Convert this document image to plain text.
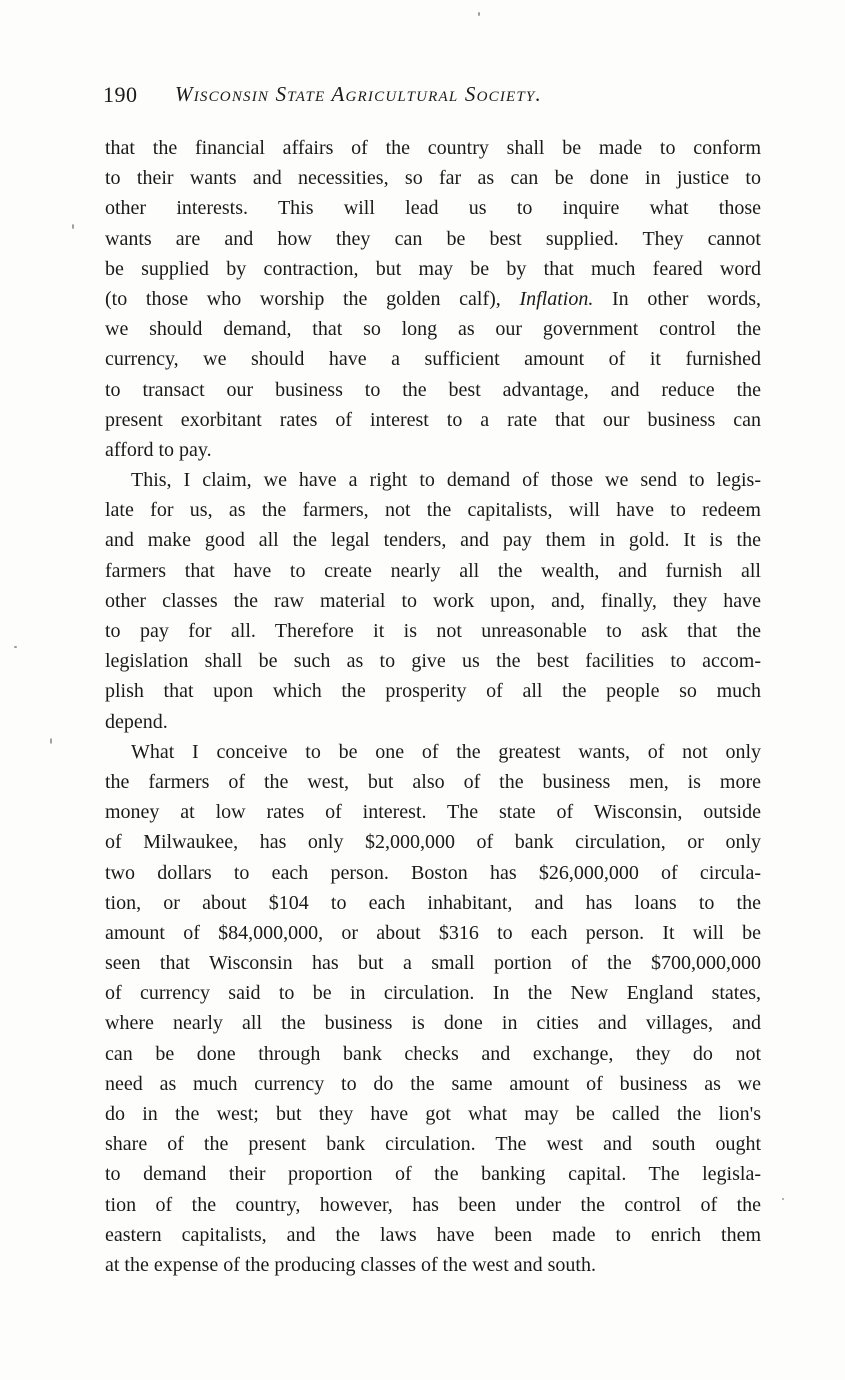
190 Wisconsin State Agricultural Society.
that the financial affairs of the country shall be made to conform
to their wants and necessities, so far as can be done in justice to
other interests. This will lead us to inquire what those
wants are and how they can be best supplied. They cannot
be supplied by contraction, but may be by that much feared word
(to those who worship the golden calf), Inflation. In other words,
we should demand, that so long as our government control the
currency, we should have a sufficient amount of it furnished
to transact our business to the best advantage, and reduce the
present exorbitant rates of interest to a rate that our business can
afford to pay.
This, I claim, we have a right to demand of those we send to legis-
late for us, as the farmers, not the capitalists, will have to redeem
and make good all the legal tenders, and pay them in gold. It is the
farmers that have to create nearly all the wealth, and furnish all
other classes the raw material to work upon, and, finally, they have
to pay for all. Therefore it is not unreasonable to ask that the
legislation shall be such as to give us the best facilities to accom-
plish that upon which the prosperity of all the people so much
depend.
What I conceive to be one of the greatest wants, of not only
the farmers of the west, but also of the business men, is more
money at low rates of interest. The state of Wisconsin, outside
of Milwaukee, has only $2,000,000 of bank circulation, or only
two dollars to each person. Boston has $26,000,000 of circula-
tion, or about $104 to each inhabitant, and has loans to the
amount of $84,000,000, or about $316 to each person. It will be
seen that Wisconsin has but a small portion of the $700,000,000
of currency said to be in circulation. In the New England states,
where nearly all the business is done in cities and villages, and
can be done through bank checks and exchange, they do not
need as much currency to do the same amount of business as we
do in the west; but they have got what may be called the lion's
share of the present bank circulation. The west and south ought
to demand their proportion of the banking capital. The legisla-
tion of the country, however, has been under the control of the
eastern capitalists, and the laws have been made to enrich them
at the expense of the producing classes of the west and south.
